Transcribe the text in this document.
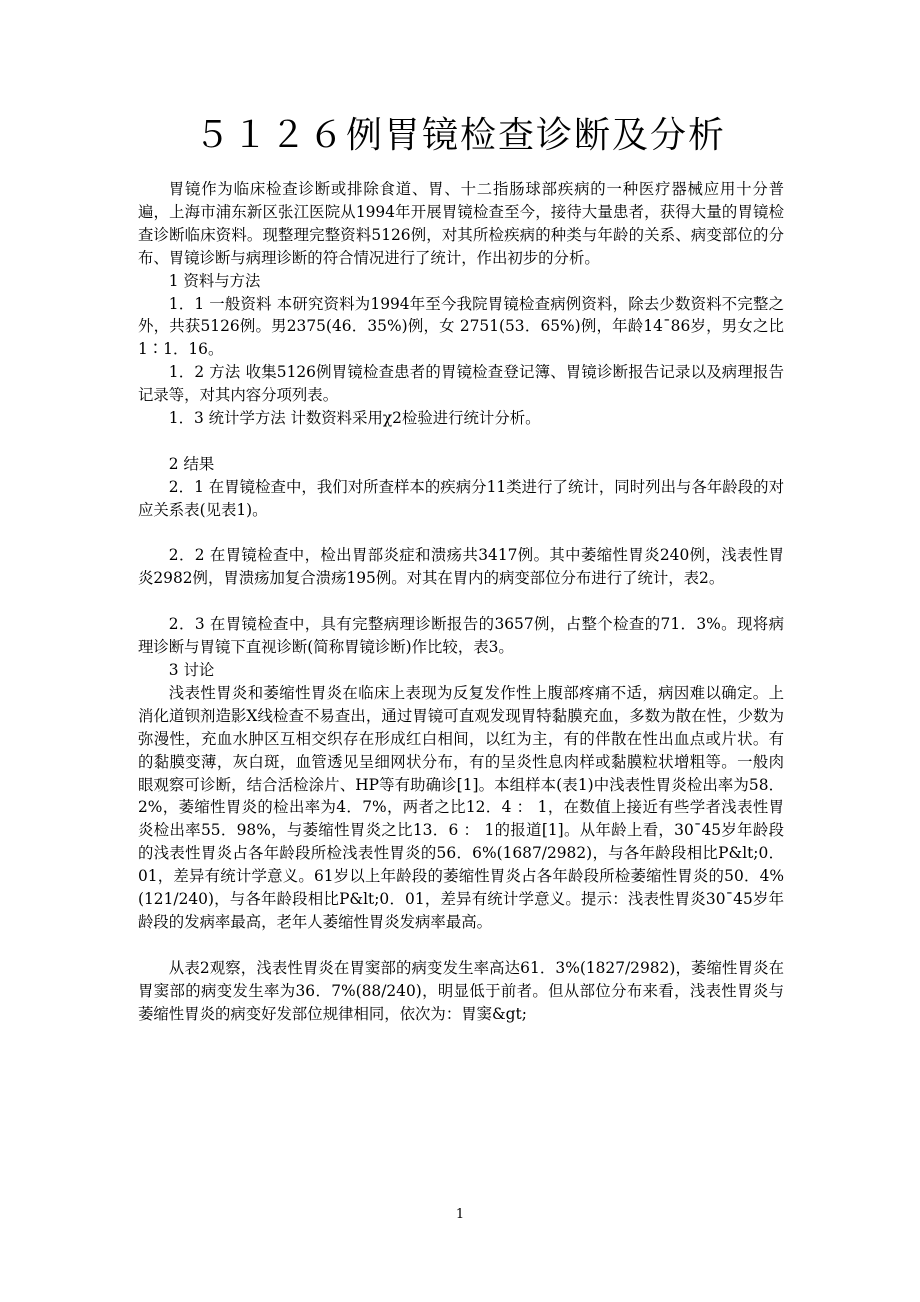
５１２６例胃镜检查诊断及分析

胃镜作为临床检查诊断或排除食道、胃、十二指肠球部疾病的一种医疗器械应用十分普遍，上海市浦东新区张江医院从1994年开展胃镜检查至今，接待大量患者，获得大量的胃镜检查诊断临床资料。现整理完整资料5126例，对其所检疾病的种类与年龄的关系、病变部位的分布、胃镜诊断与病理诊断的符合情况进行了统计，作出初步的分析。

1 资料与方法

1．1 一般资料 本研究资料为1994年至今我院胃镜检查病例资料，除去少数资料不完整之外，共获5126例。男2375(46．35%)例，女 2751(53．65%)例，年龄14¯86岁，男女之比1∶1．16。

1．2 方法 收集5126例胃镜检查患者的胃镜检查登记簿、胃镜诊断报告记录以及病理报告记录等，对其内容分项列表。

1．3 统计学方法 计数资料采用χ2检验进行统计分析。

2 结果

2．1 在胃镜检查中，我们对所查样本的疾病分11类进行了统计，同时列出与各年龄段的对应关系表(见表1)。

2．2 在胃镜检查中，检出胃部炎症和溃疡共3417例。其中萎缩性胃炎240例，浅表性胃炎2982例，胃溃疡加复合溃疡195例。对其在胃内的病变部位分布进行了统计，表2。

2．3 在胃镜检查中，具有完整病理诊断报告的3657例，占整个检查的71．3%。现将病理诊断与胃镜下直视诊断(简称胃镜诊断)作比较，表3。

3 讨论

浅表性胃炎和萎缩性胃炎在临床上表现为反复发作性上腹部疼痛不适，病因难以确定。上消化道钡剂造影X线检查不易查出，通过胃镜可直观发现胃特黏膜充血，多数为散在性，少数为弥漫性，充血水肿区互相交织存在形成红白相间，以红为主，有的伴散在性出血点或片状。有的黏膜变薄，灰白斑，血管透见呈细网状分布，有的呈炎性息肉样或黏膜粒状增粗等。一般肉眼观察可诊断，结合活检涂片、HP等有助确诊[1]。本组样本(表1)中浅表性胃炎检出率为58．2%，萎缩性胃炎的检出率为4．7%，两者之比12．4 ： 1，在数值上接近有些学者浅表性胃炎检出率55．98%，与萎缩性胃炎之比13．6 ： 1的报道[1]。从年龄上看，30¯45岁年龄段的浅表性胃炎占各年龄段所检浅表性胃炎的56．6%(1687/2982)，与各年龄段相比P&lt;0．01，差异有统计学意义。61岁以上年龄段的萎缩性胃炎占各年龄段所检萎缩性胃炎的50．4%(121/240)，与各年龄段相比P&lt;0．01，差异有统计学意义。提示：浅表性胃炎30¯45岁年龄段的发病率最高，老年人萎缩性胃炎发病率最高。

从表2观察，浅表性胃炎在胃窦部的病变发生率高达61．3%(1827/2982)，萎缩性胃炎在胃窦部的病变发生率为36．7%(88/240)，明显低于前者。但从部位分布来看，浅表性胃炎与萎缩性胃炎的病变好发部位规律相同，依次为：胃窦&gt;

1
